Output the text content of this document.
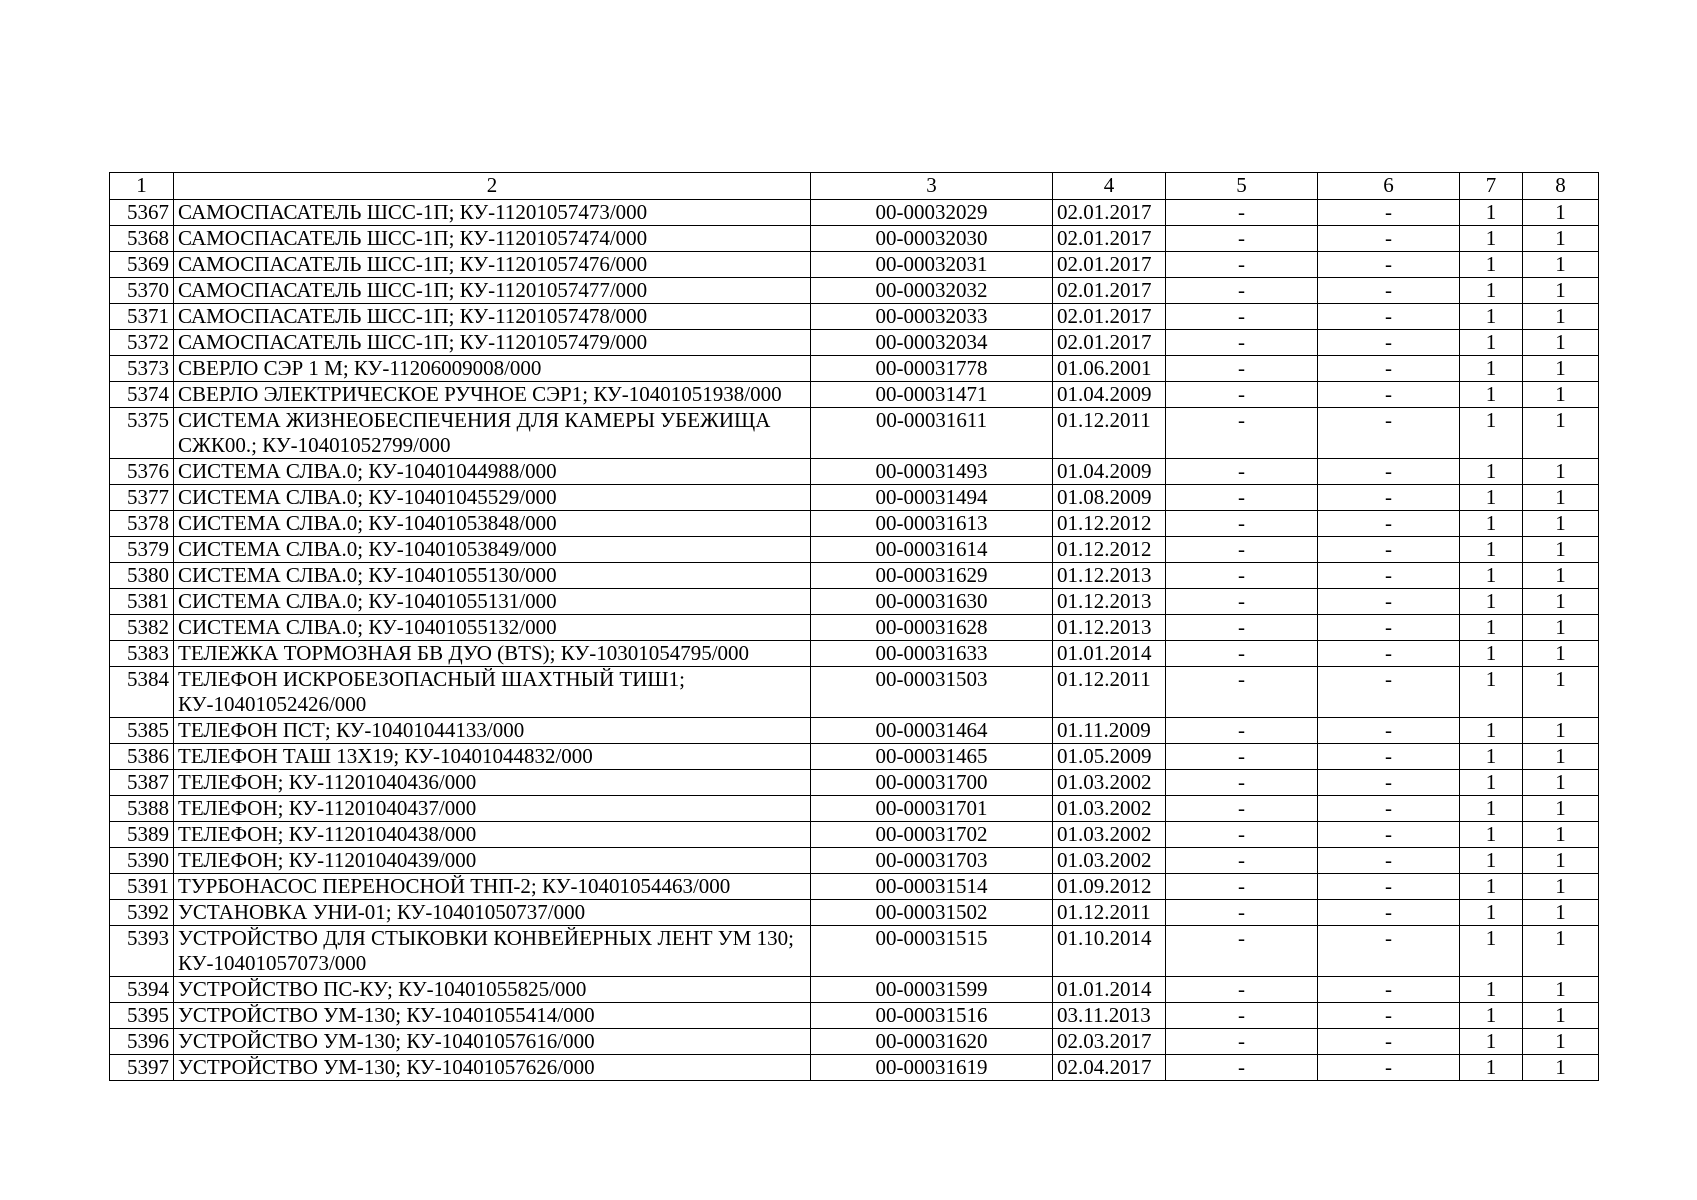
1	2	3	4	5	6	7	8
5367	САМОСПАСАТЕЛЬ ШСС-1П; КУ-11201057473/000	00-00032029	02.01.2017	-	-	1	1
5368	САМОСПАСАТЕЛЬ ШСС-1П; КУ-11201057474/000	00-00032030	02.01.2017	-	-	1	1
5369	САМОСПАСАТЕЛЬ ШСС-1П; КУ-11201057476/000	00-00032031	02.01.2017	-	-	1	1
5370	САМОСПАСАТЕЛЬ ШСС-1П; КУ-11201057477/000	00-00032032	02.01.2017	-	-	1	1
5371	САМОСПАСАТЕЛЬ ШСС-1П; КУ-11201057478/000	00-00032033	02.01.2017	-	-	1	1
5372	САМОСПАСАТЕЛЬ ШСС-1П; КУ-11201057479/000	00-00032034	02.01.2017	-	-	1	1
5373	СВЕРЛО СЭР 1 М; КУ-11206009008/000	00-00031778	01.06.2001	-	-	1	1
5374	СВЕРЛО ЭЛЕКТРИЧЕСКОЕ РУЧНОЕ СЭР1; КУ-10401051938/000	00-00031471	01.04.2009	-	-	1	1
5375	СИСТЕМА ЖИЗНЕОБЕСПЕЧЕНИЯ ДЛЯ КАМЕРЫ УБЕЖИЩА СЖК00.; КУ-10401052799/000	00-00031611	01.12.2011	-	-	1	1
5376	СИСТЕМА СЛВА.0; КУ-10401044988/000	00-00031493	01.04.2009	-	-	1	1
5377	СИСТЕМА СЛВА.0; КУ-10401045529/000	00-00031494	01.08.2009	-	-	1	1
5378	СИСТЕМА СЛВА.0; КУ-10401053848/000	00-00031613	01.12.2012	-	-	1	1
5379	СИСТЕМА СЛВА.0; КУ-10401053849/000	00-00031614	01.12.2012	-	-	1	1
5380	СИСТЕМА СЛВА.0; КУ-10401055130/000	00-00031629	01.12.2013	-	-	1	1
5381	СИСТЕМА СЛВА.0; КУ-10401055131/000	00-00031630	01.12.2013	-	-	1	1
5382	СИСТЕМА СЛВА.0; КУ-10401055132/000	00-00031628	01.12.2013	-	-	1	1
5383	ТЕЛЕЖКА ТОРМОЗНАЯ БВ ДУО (BTS); КУ-10301054795/000	00-00031633	01.01.2014	-	-	1	1
5384	ТЕЛЕФОН ИСКРОБЕЗОПАСНЫЙ ШАХТНЫЙ ТИШ1; КУ-10401052426/000	00-00031503	01.12.2011	-	-	1	1
5385	ТЕЛЕФОН ПСТ; КУ-10401044133/000	00-00031464	01.11.2009	-	-	1	1
5386	ТЕЛЕФОН ТАШ 13Х19; КУ-10401044832/000	00-00031465	01.05.2009	-	-	1	1
5387	ТЕЛЕФОН; КУ-11201040436/000	00-00031700	01.03.2002	-	-	1	1
5388	ТЕЛЕФОН; КУ-11201040437/000	00-00031701	01.03.2002	-	-	1	1
5389	ТЕЛЕФОН; КУ-11201040438/000	00-00031702	01.03.2002	-	-	1	1
5390	ТЕЛЕФОН; КУ-11201040439/000	00-00031703	01.03.2002	-	-	1	1
5391	ТУРБОНАСОС ПЕРЕНОСНОЙ ТНП-2; КУ-10401054463/000	00-00031514	01.09.2012	-	-	1	1
5392	УСТАНОВКА УНИ-01; КУ-10401050737/000	00-00031502	01.12.2011	-	-	1	1
5393	УСТРОЙСТВО ДЛЯ СТЫКОВКИ КОНВЕЙЕРНЫХ ЛЕНТ УМ 130; КУ-10401057073/000	00-00031515	01.10.2014	-	-	1	1
5394	УСТРОЙСТВО ПС-КУ; КУ-10401055825/000	00-00031599	01.01.2014	-	-	1	1
5395	УСТРОЙСТВО УМ-130; КУ-10401055414/000	00-00031516	03.11.2013	-	-	1	1
5396	УСТРОЙСТВО УМ-130; КУ-10401057616/000	00-00031620	02.03.2017	-	-	1	1
5397	УСТРОЙСТВО УМ-130; КУ-10401057626/000	00-00031619	02.04.2017	-	-	1	1
